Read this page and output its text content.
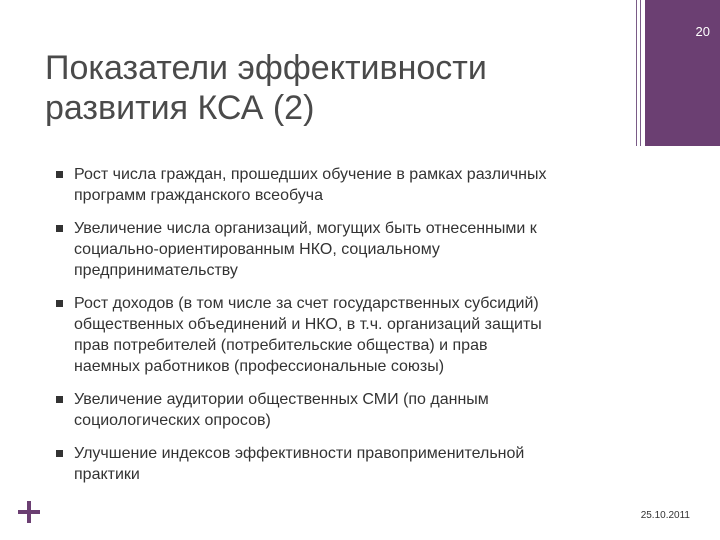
Показатели эффективности
развития КСА (2)
20
Рост числа граждан, прошедших обучение в рамках различных
программ гражданского всеобуча
Увеличение числа организаций, могущих быть отнесенными к
социально-ориентированным НКО, социальному
предпринимательству
Рост доходов (в том числе за счет государственных субсидий)
общественных объединений и НКО, в т.ч. организаций защиты
прав потребителей (потребительские общества) и прав
наемных работников (профессиональные союзы)
Увеличение аудитории общественных СМИ (по данным
социологических опросов)
Улучшение индексов эффективности правоприменительной
практики
25.10.2011
